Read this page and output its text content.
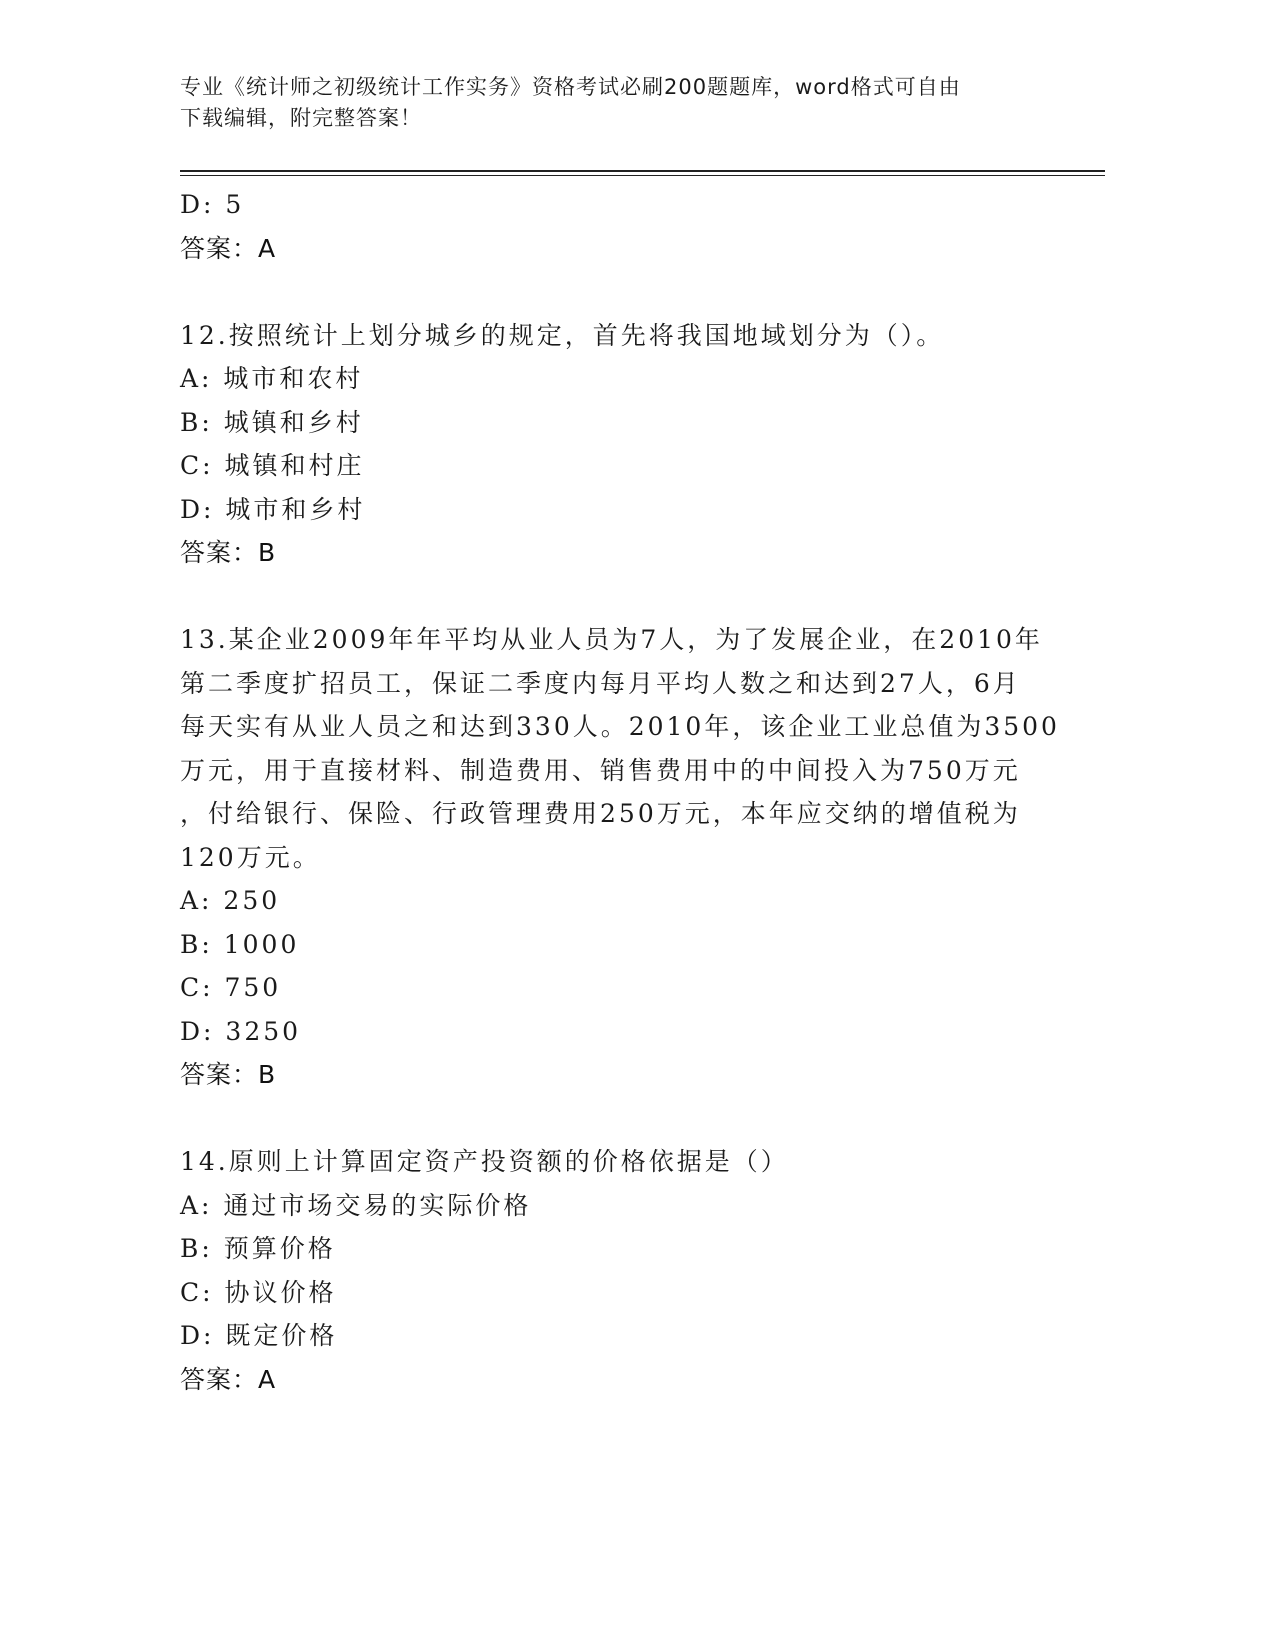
专业《统计师之初级统计工作实务》资格考试必刷200题题库，word格式可自由
下载编辑，附完整答案！
D: 5
答案：A
12.按照统计上划分城乡的规定，首先将我国地域划分为（）。
A: 城市和农村
B: 城镇和乡村
C: 城镇和村庄
D: 城市和乡村
答案：B
13.某企业2009年年平均从业人员为7人，为了发展企业，在2010年
第二季度扩招员工，保证二季度内每月平均人数之和达到27人，6月
每天实有从业人员之和达到330人。2010年，该企业工业总值为3500
万元，用于直接材料、制造费用、销售费用中的中间投入为750万元
，付给银行、保险、行政管理费用250万元，本年应交纳的增值税为
120万元。
A: 250
B: 1000
C: 750
D: 3250
答案：B
14.原则上计算固定资产投资额的价格依据是（）
A: 通过市场交易的实际价格
B: 预算价格
C: 协议价格
D: 既定价格
答案：A
